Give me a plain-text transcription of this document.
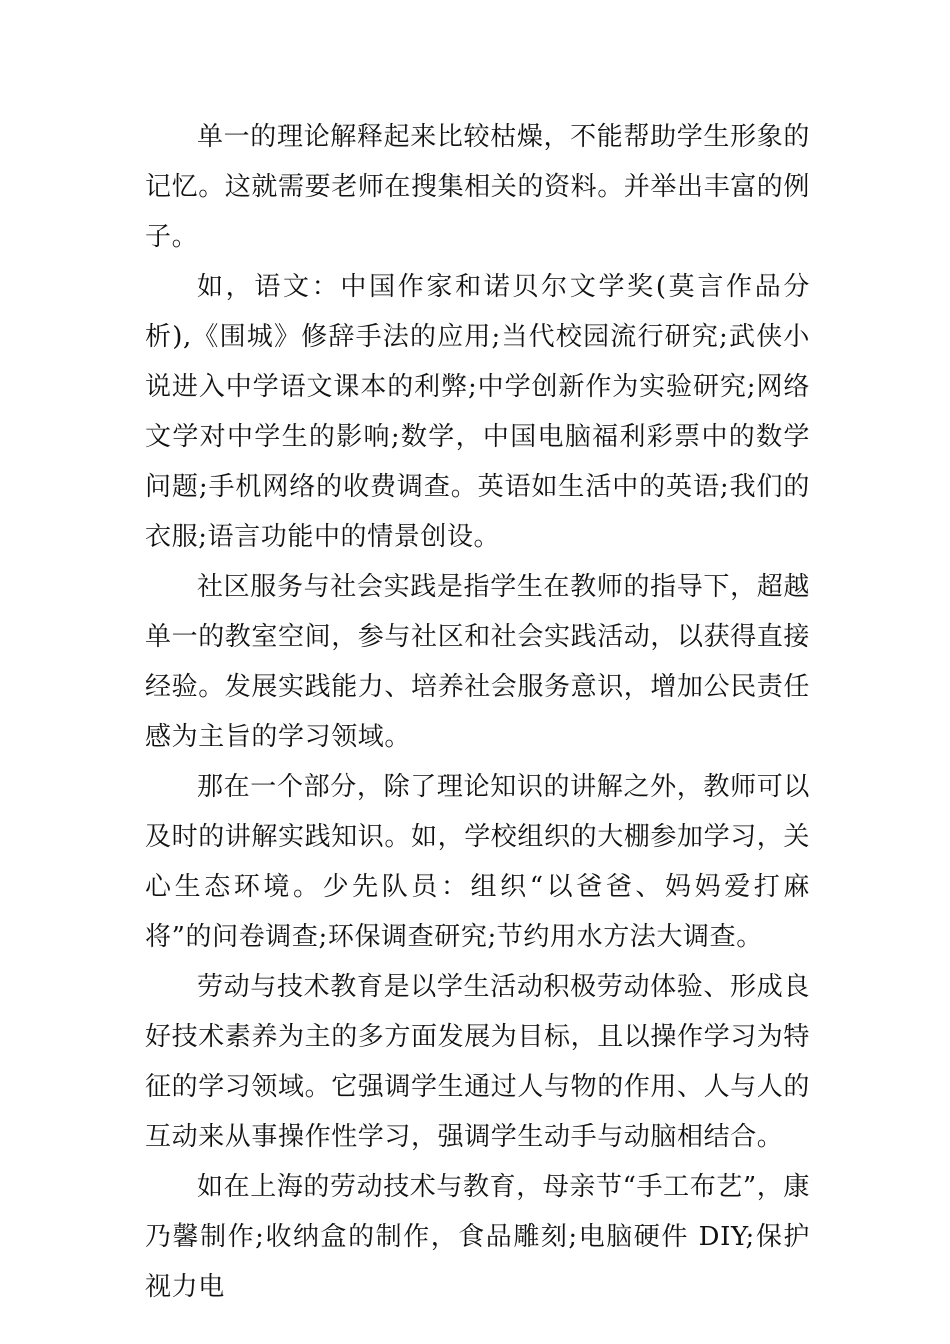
单一的理论解释起来比较枯燥，不能帮助学生形象的记忆。这就需要老师在搜集相关的资料。并举出丰富的例子。

如，语文：中国作家和诺贝尔文学奖(莫言作品分析),《围城》修辞手法的应用;当代校园流行研究;武侠小说进入中学语文课本的利弊;中学创新作为实验研究;网络文学对中学生的影响;数学，中国电脑福利彩票中的数学问题;手机网络的收费调查。英语如生活中的英语;我们的衣服;语言功能中的情景创设。

社区服务与社会实践是指学生在教师的指导下，超越单一的教室空间，参与社区和社会实践活动，以获得直接经验。发展实践能力、培养社会服务意识，增加公民责任感为主旨的学习领域。

那在一个部分，除了理论知识的讲解之外，教师可以及时的讲解实践知识。如，学校组织的大棚参加学习，关心生态环境。少先队员：组织“以爸爸、妈妈爱打麻将”的问卷调查;环保调查研究;节约用水方法大调查。

劳动与技术教育是以学生活动积极劳动体验、形成良好技术素养为主的多方面发展为目标，且以操作学习为特征的学习领域。它强调学生通过人与物的作用、人与人的互动来从事操作性学习，强调学生动手与动脑相结合。

如在上海的劳动技术与教育，母亲节“手工布艺”，康乃馨制作;收纳盒的制作，食品雕刻;电脑硬件 DIY;保护视力电
